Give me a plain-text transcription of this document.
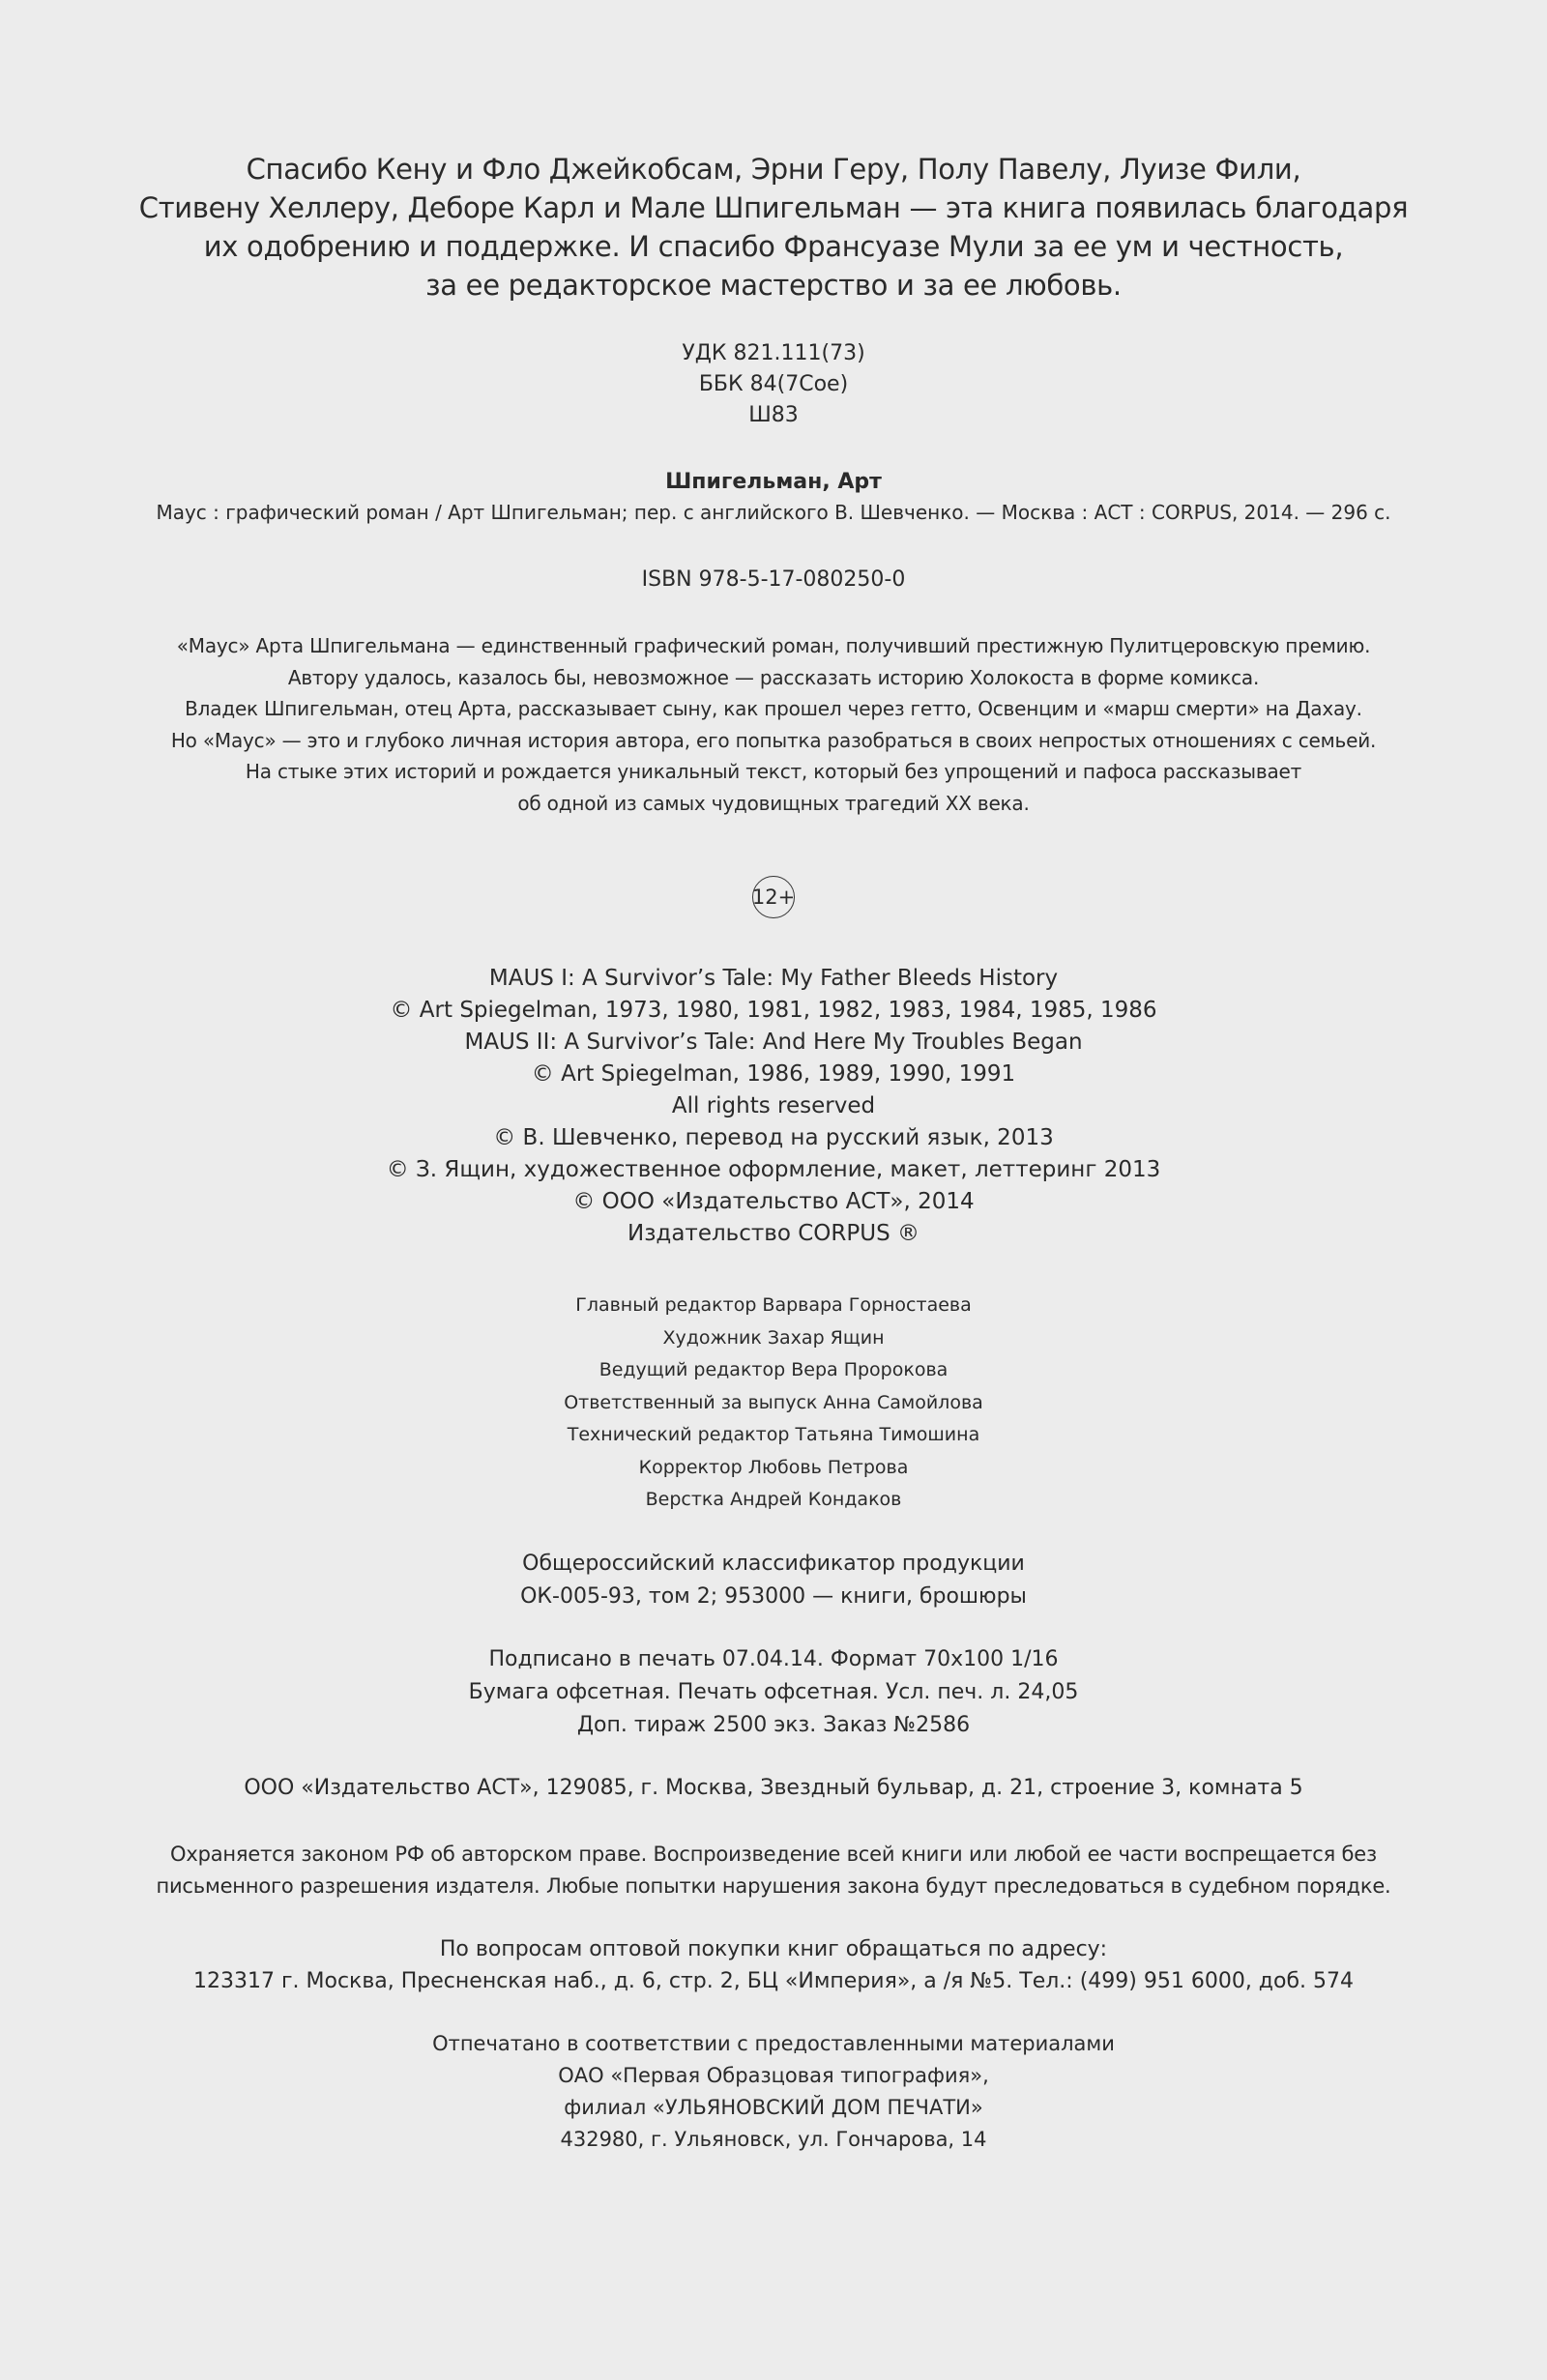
Спасибо Кену и Фло Джейкобсам, Эрни Геру, Полу Павелу, Луизе Фили,
Стивену Хеллеру, Деборе Карл и Мале Шпигельман — эта книга появилась благодаря
их одобрению и поддержке. И спасибо Франсуазе Мули за ее ум и честность,
за ее редакторское мастерство и за ее любовь.
УДК 821.111(73)
ББК 84(7Сое)
Ш83
Шпигельман, Арт
Маус : графический роман / Арт Шпигельман; пер. с английского В. Шевченко. — Москва : АСТ : CORPUS, 2014. — 296 с.
ISBN 978-5-17-080250-0
«Маус» Арта Шпигельмана — единственный графический роман, получивший престижную Пулитцеровскую премию.
Автору удалось, казалось бы, невозможное — рассказать историю Холокоста в форме комикса.
Владек Шпигельман, отец Арта, рассказывает сыну, как прошел через гетто, Освенцим и «марш смерти» на Дахау.
Но «Маус» — это и глубоко личная история автора, его попытка разобраться в своих непростых отношениях с семьей.
На стыке этих историй и рождается уникальный текст, который без упрощений и пафоса рассказывает
об одной из самых чудовищных трагедий XX века.
12+
MAUS I: A Survivor’s Tale: My Father Bleeds History
© Art Spiegelman, 1973, 1980, 1981, 1982, 1983, 1984, 1985, 1986
MAUS II: A Survivor’s Tale: And Here My Troubles Began
© Art Spiegelman, 1986, 1989, 1990, 1991
All rights reserved
© В. Шевченко, перевод на русский язык, 2013
© З. Ящин, художественное оформление, макет, леттеринг 2013
© ООО «Издательство АСТ», 2014
Издательство CORPUS ®
Главный редактор Варвара Горностаева
Художник Захар Ящин
Ведущий редактор Вера Пророкова
Ответственный за выпуск Анна Самойлова
Технический редактор Татьяна Тимошина
Корректор Любовь Петрова
Верстка Андрей Кондаков
Общероссийский классификатор продукции
ОК-005-93, том 2; 953000 — книги, брошюры
Подписано в печать 07.04.14. Формат 70x100 1/16
Бумага офсетная. Печать офсетная. Усл. печ. л. 24,05
Доп. тираж 2500 экз. Заказ №2586
ООО «Издательство АСТ», 129085, г. Москва, Звездный бульвар, д. 21, строение 3, комната 5
Охраняется законом РФ об авторском праве. Воспроизведение всей книги или любой ее части воспрещается без
письменного разрешения издателя. Любые попытки нарушения закона будут преследоваться в судебном порядке.
По вопросам оптовой покупки книг обращаться по адресу:
123317 г. Москва, Пресненская наб., д. 6, стр. 2, БЦ «Империя», а /я №5. Тел.: (499) 951 6000, доб. 574
Отпечатано в соответствии с предоставленными материалами
ОАО «Первая Образцовая типография»,
филиал «УЛЬЯНОВСКИЙ ДОМ ПЕЧАТИ»
432980, г. Ульяновск, ул. Гончарова, 14
